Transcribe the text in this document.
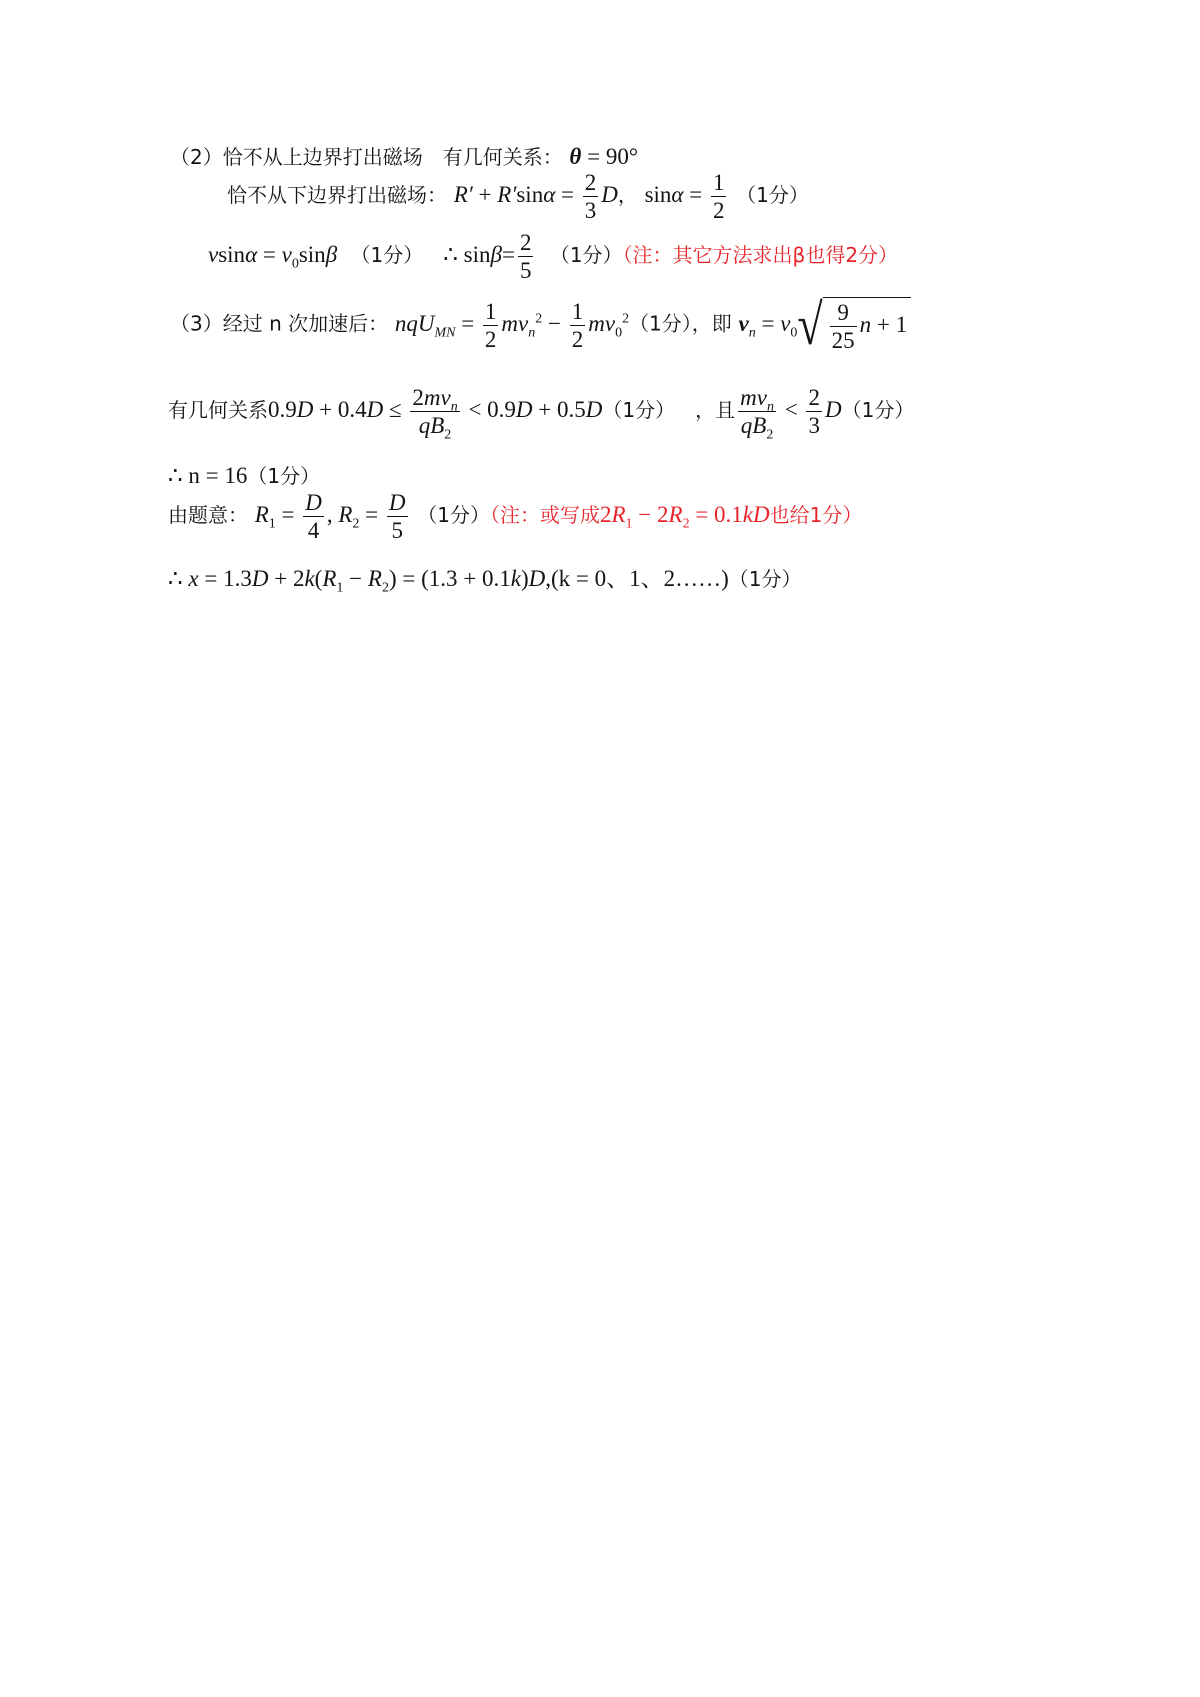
（2）恰不从上边界打出磁场　有几何关系： θ = 90°
恰不从下边界打出磁场： $R' + R'\sin\alpha = \frac{2}{3}$ D， $\sin\alpha = \frac{1}{2} (1$分）
$vsin\alpha = v_0\sin\beta$ （1分） ∴ $\sin\beta= \frac{2}{5} (1$分）（注：其它方法求出β也得2分）
（3）经过 n 次加速后： $nqU_{MN} = \frac{1}{2} mv_n^2 - \frac{1}{2} mv_0^2(1$分），即 $v_n = v_0√ \frac{9}{25}$ n + 1
有几何关系$0.9D + 0.4D \le \frac{2mv_n}{qB_2} < 0.9D + 0.5D(1$分） ，且 $\frac{mv_n}{qB_2} < \frac{2}{3} D(1$分）
∴ n = 16（1分）
由题意： $R_1 = \frac{D}{4}$ , $R_2 = \frac{D}{5} (1$分）（注：或写成$2R_1 - 2R_2 = 0.1kD$也给1分）
∴ $x = 1.3D + 2k(R_1 - R_2) = (1.3 + 0.1k)D,(k = 0$、1、2……)（1分）
